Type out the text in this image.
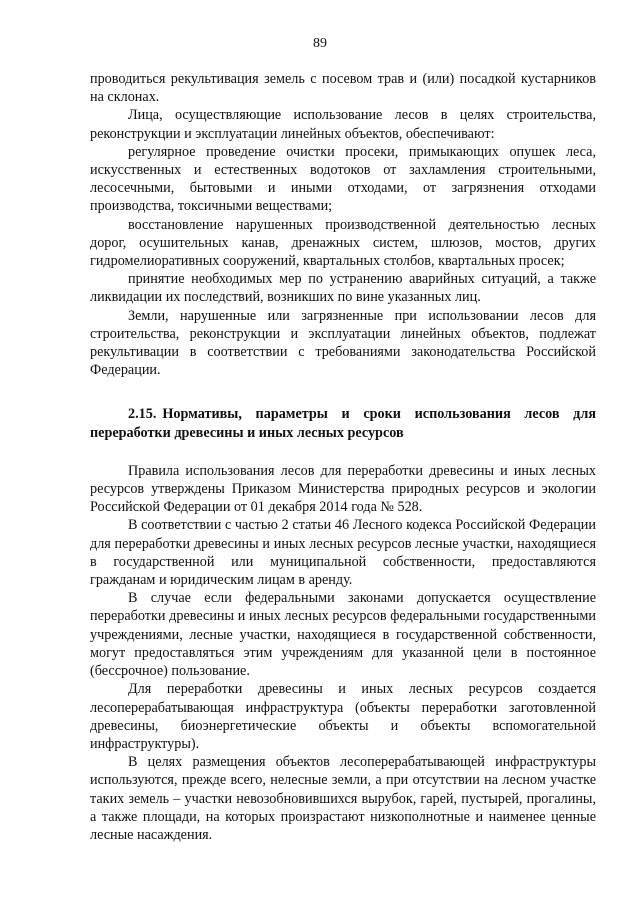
89

проводиться рекультивация земель с посевом трав и (или) посадкой кустарников на склонах.

Лица, осуществляющие использование лесов в целях строительства, реконструкции и эксплуатации линейных объектов, обеспечивают:

регулярное проведение очистки просеки, примыкающих опушек леса, искусственных и естественных водотоков от захламления строительными, лесосечными, бытовыми и иными отходами, от загрязнения отходами производства, токсичными веществами;

восстановление нарушенных производственной деятельностью лесных дорог, осушительных канав, дренажных систем, шлюзов, мостов, других гидромелиоративных сооружений, квартальных столбов, квартальных просек;

принятие необходимых мер по устранению аварийных ситуаций, а также ликвидации их последствий, возникших по вине указанных лиц.

Земли, нарушенные или загрязненные при использовании лесов для строительства, реконструкции и эксплуатации линейных объектов, подлежат рекультивации в соответствии с требованиями законодательства Российской Федерации.

2.15. Нормативы, параметры и сроки использования лесов для переработки древесины и иных лесных ресурсов

Правила использования лесов для переработки древесины и иных лесных ресурсов утверждены Приказом Министерства природных ресурсов и экологии Российской Федерации от 01 декабря 2014 года № 528.

В соответствии с частью 2 статьи 46 Лесного кодекса Российской Федерации для переработки древесины и иных лесных ресурсов лесные участки, находящиеся в государственной или муниципальной собственности, предоставляются гражданам и юридическим лицам в аренду.

В случае если федеральными законами допускается осуществление переработки древесины и иных лесных ресурсов федеральными государственными учреждениями, лесные участки, находящиеся в государственной собственности, могут предоставляться этим учреждениям для указанной цели в постоянное (бессрочное) пользование.

Для переработки древесины и иных лесных ресурсов создается лесоперерабатывающая инфраструктура (объекты переработки заготовленной древесины, биоэнергетические объекты и объекты вспомогательной инфраструктуры).

В целях размещения объектов лесоперерабатывающей инфраструктуры используются, прежде всего, нелесные земли, а при отсутствии на лесном участке таких земель – участки невозобновившихся вырубок, гарей, пустырей, прогалины, а также площади, на которых произрастают низкополнотные и наименее ценные лесные насаждения.
